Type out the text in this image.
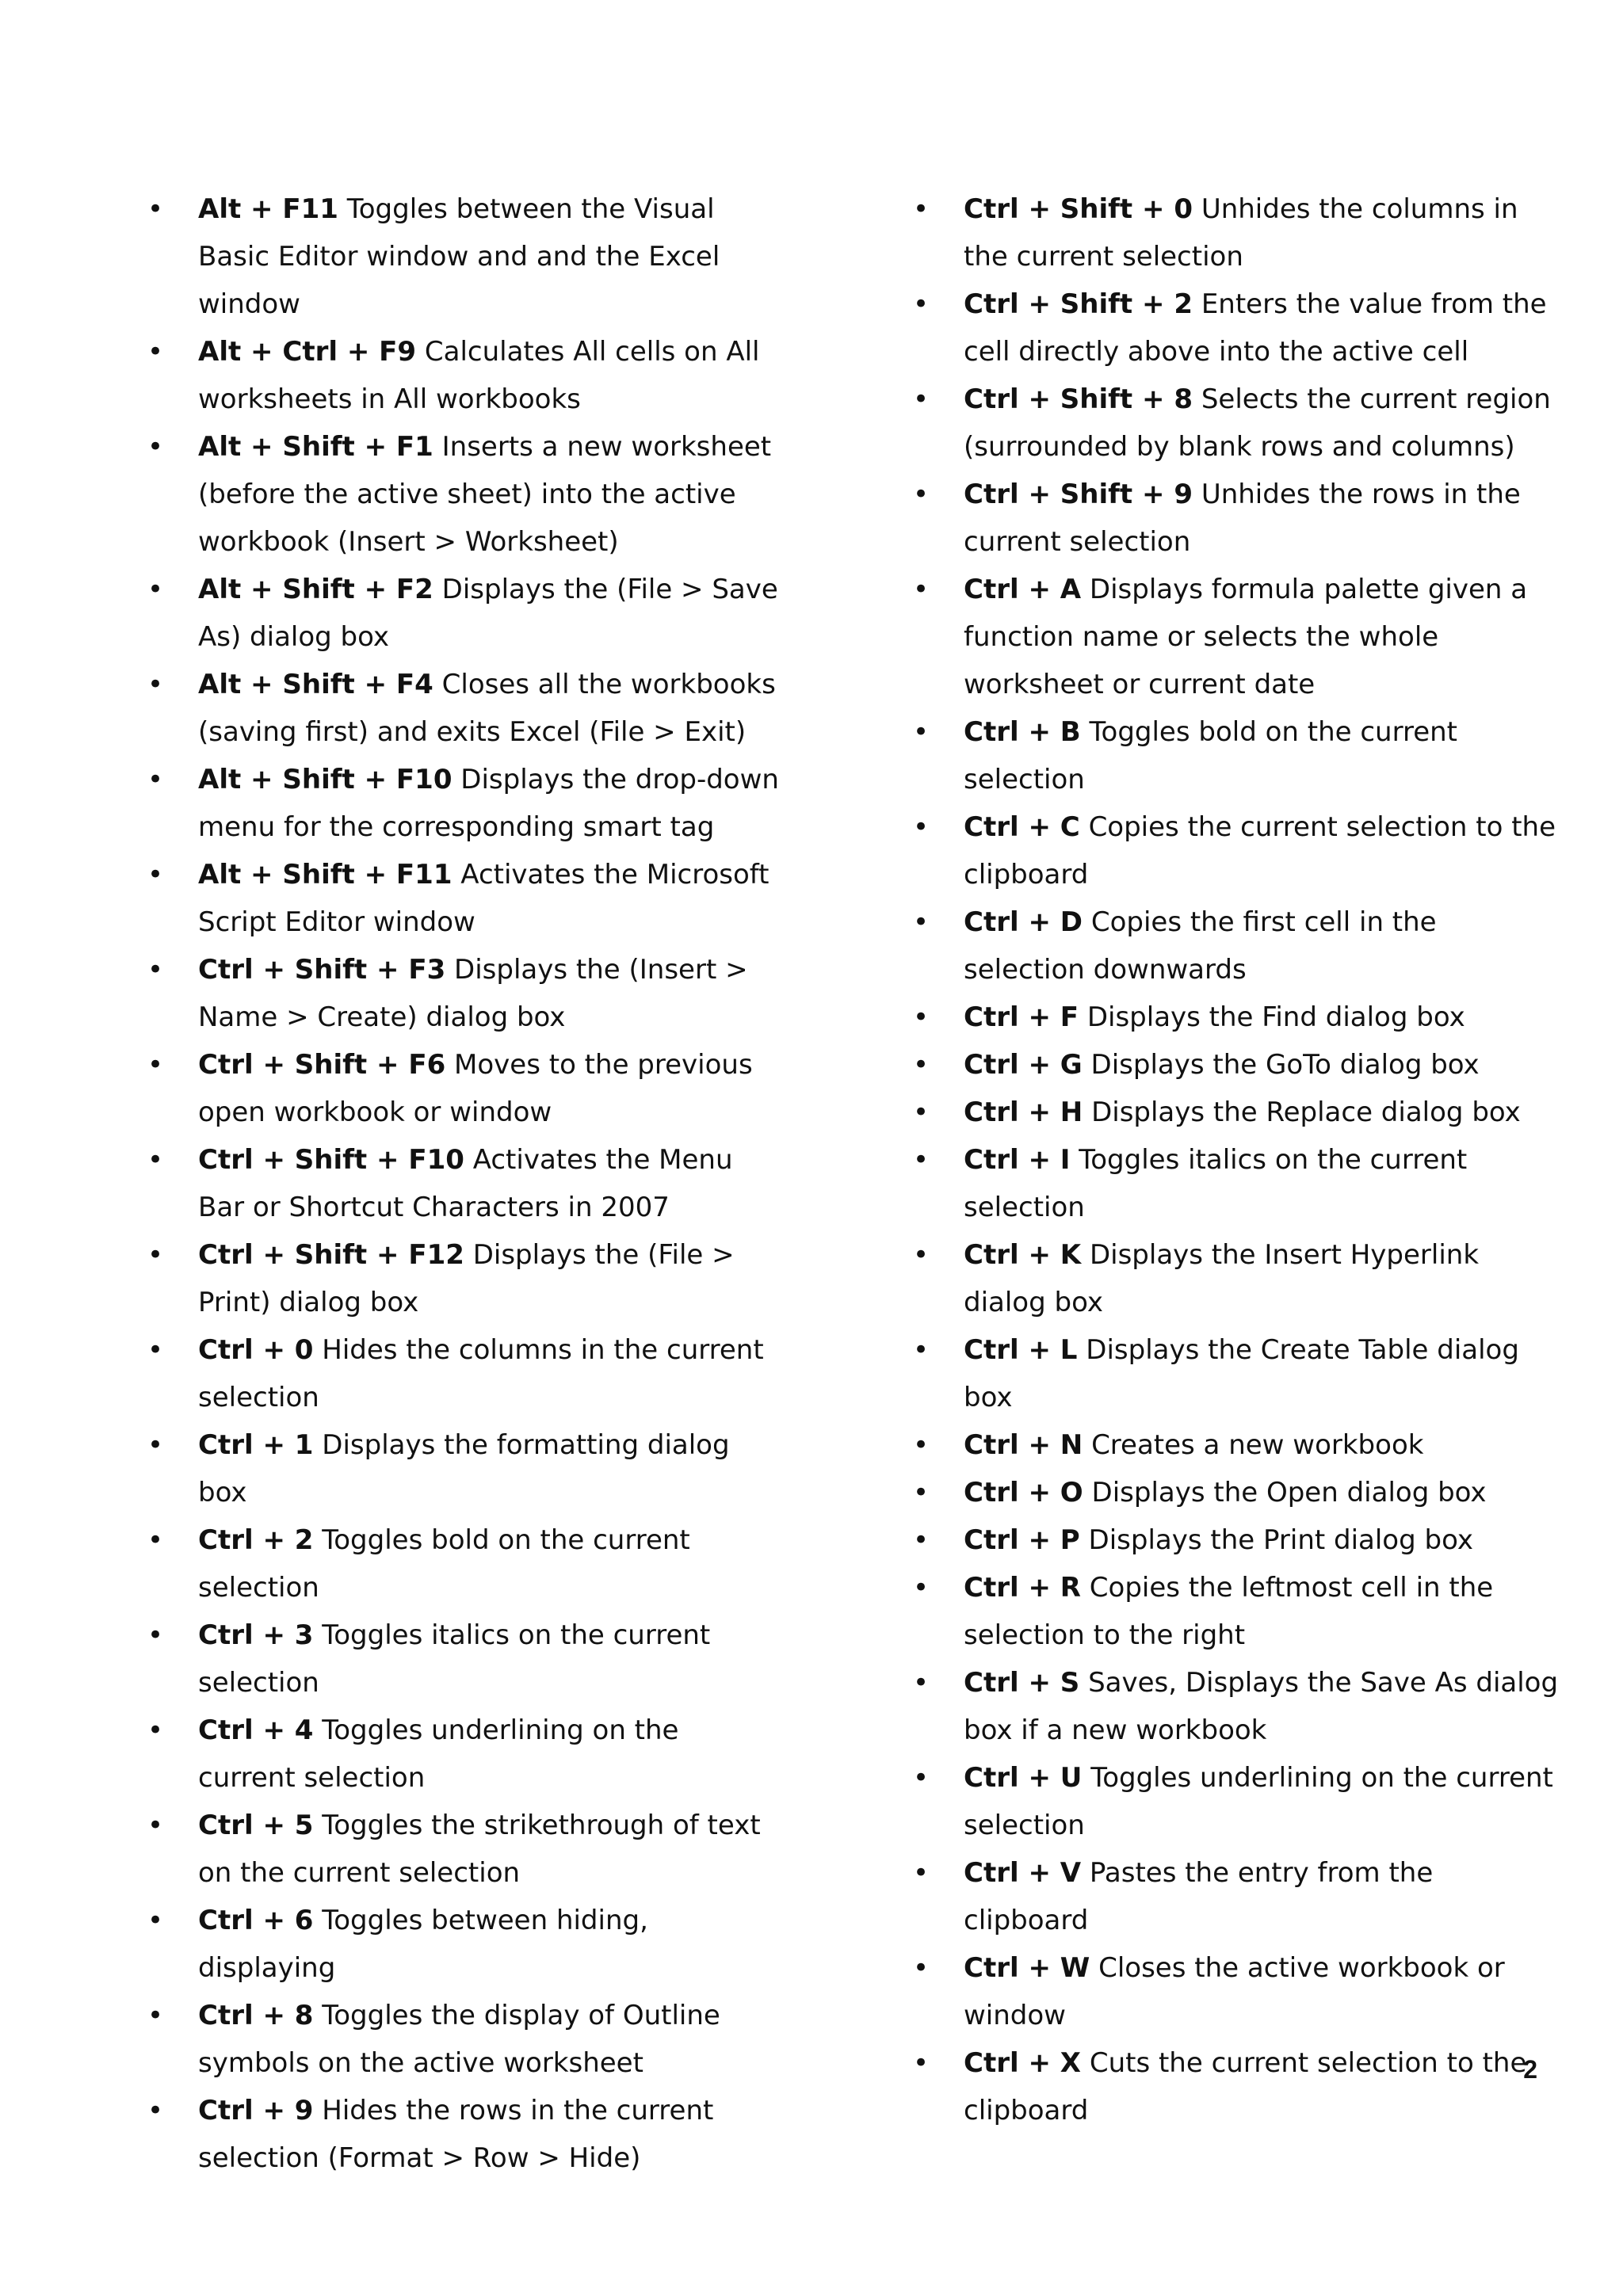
• Alt + F11 Toggles between the Visual Basic Editor window and and the Excel window
• Alt + Ctrl + F9 Calculates All cells on All worksheets in All workbooks
• Alt + Shift + F1 Inserts a new worksheet (before the active sheet) into the active workbook (Insert > Worksheet)
• Alt + Shift + F2 Displays the (File > Save As) dialog box
• Alt + Shift + F4 Closes all the workbooks (saving first) and exits Excel (File > Exit)
• Alt + Shift + F10 Displays the drop-down menu for the corresponding smart tag
• Alt + Shift + F11 Activates the Microsoft Script Editor window
• Ctrl + Shift + F3 Displays the (Insert > Name > Create) dialog box
• Ctrl + Shift + F6 Moves to the previous open workbook or window
• Ctrl + Shift + F10 Activates the Menu Bar or Shortcut Characters in 2007
• Ctrl + Shift + F12 Displays the (File > Print) dialog box
• Ctrl + 0 Hides the columns in the current selection
• Ctrl + 1 Displays the formatting dialog box
• Ctrl + 2 Toggles bold on the current selection
• Ctrl + 3 Toggles italics on the current selection
• Ctrl + 4 Toggles underlining on the current selection
• Ctrl + 5 Toggles the strikethrough of text on the current selection
• Ctrl + 6 Toggles between hiding, displaying
• Ctrl + 8 Toggles the display of Outline symbols on the active worksheet
• Ctrl + 9 Hides the rows in the current selection (Format > Row > Hide)
• Ctrl + Shift + 0 Unhides the columns in the current selection
• Ctrl + Shift + 2 Enters the value from the cell directly above into the active cell
• Ctrl + Shift + 8 Selects the current region (surrounded by blank rows and columns)
• Ctrl + Shift + 9 Unhides the rows in the current selection
• Ctrl + A Displays formula palette given a function name or selects the whole worksheet or current date
• Ctrl + B Toggles bold on the current selection
• Ctrl + C Copies the current selection to the clipboard
• Ctrl + D Copies the first cell in the selection downwards
• Ctrl + F Displays the Find dialog box
• Ctrl + G Displays the GoTo dialog box
• Ctrl + H Displays the Replace dialog box
• Ctrl + I Toggles italics on the current selection
• Ctrl + K Displays the Insert Hyperlink dialog box
• Ctrl + L Displays the Create Table dialog box
• Ctrl + N Creates a new workbook
• Ctrl + O Displays the Open dialog box
• Ctrl + P Displays the Print dialog box
• Ctrl + R Copies the leftmost cell in the selection to the right
• Ctrl + S Saves, Displays the Save As dialog box if a new workbook
• Ctrl + U Toggles underlining on the current selection
• Ctrl + V Pastes the entry from the clipboard
• Ctrl + W Closes the active workbook or window
• Ctrl + X Cuts the current selection to the clipboard
2
